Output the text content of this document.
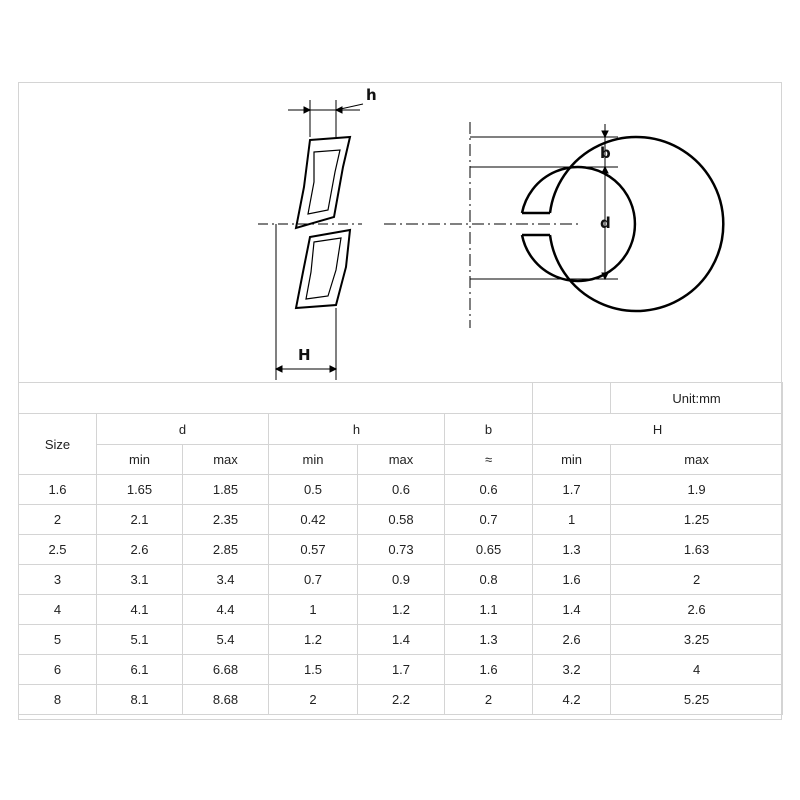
h
b
d
H
							Unit:mm
Size	d		h		b	H	
	min	max	min	max	≈	min	max
1.6	1.65	1.85	0.5	0.6	0.6	1.7	1.9
2	2.1	2.35	0.42	0.58	0.7	1	1.25
2.5	2.6	2.85	0.57	0.73	0.65	1.3	1.63
3	3.1	3.4	0.7	0.9	0.8	1.6	2
4	4.1	4.4	1	1.2	1.1	1.4	2.6
5	5.1	5.4	1.2	1.4	1.3	2.6	3.25
6	6.1	6.68	1.5	1.7	1.6	3.2	4
8	8.1	8.68	2	2.2	2	4.2	5.25
